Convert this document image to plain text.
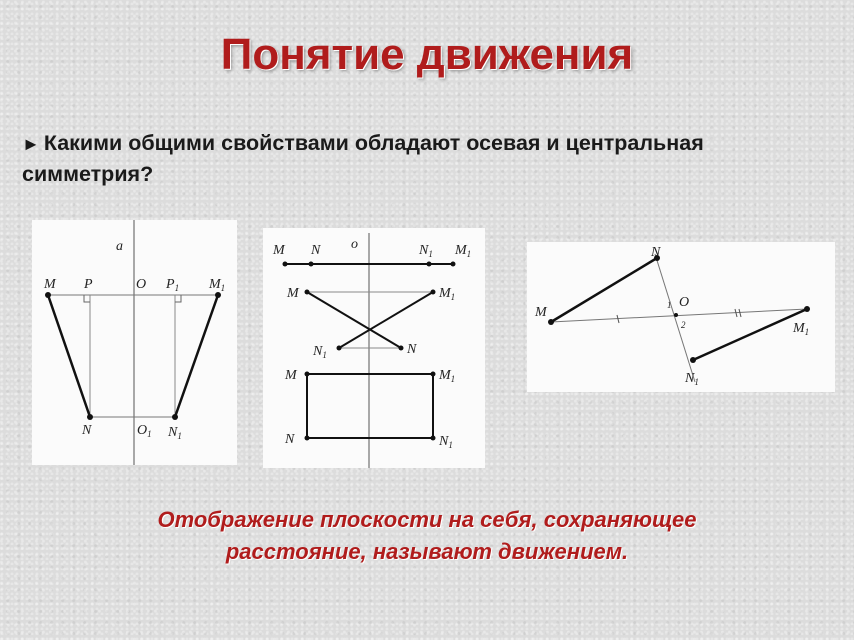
Понятие движения
► Какими общими свойствами обладают осевая и центральная симметрия?
a
M P	O $P_1$ $M_1$
N	$O_1$ $N_1$
M N o	$N_1$ $M_1$
M	$M_1$
$N_1$	N
M	$M_1$
N	$N_1$
M
N
O
1
2	$M_1$
$N_1$
Отображение плоскости на себя, сохраняющее расстояние, называют движением.
